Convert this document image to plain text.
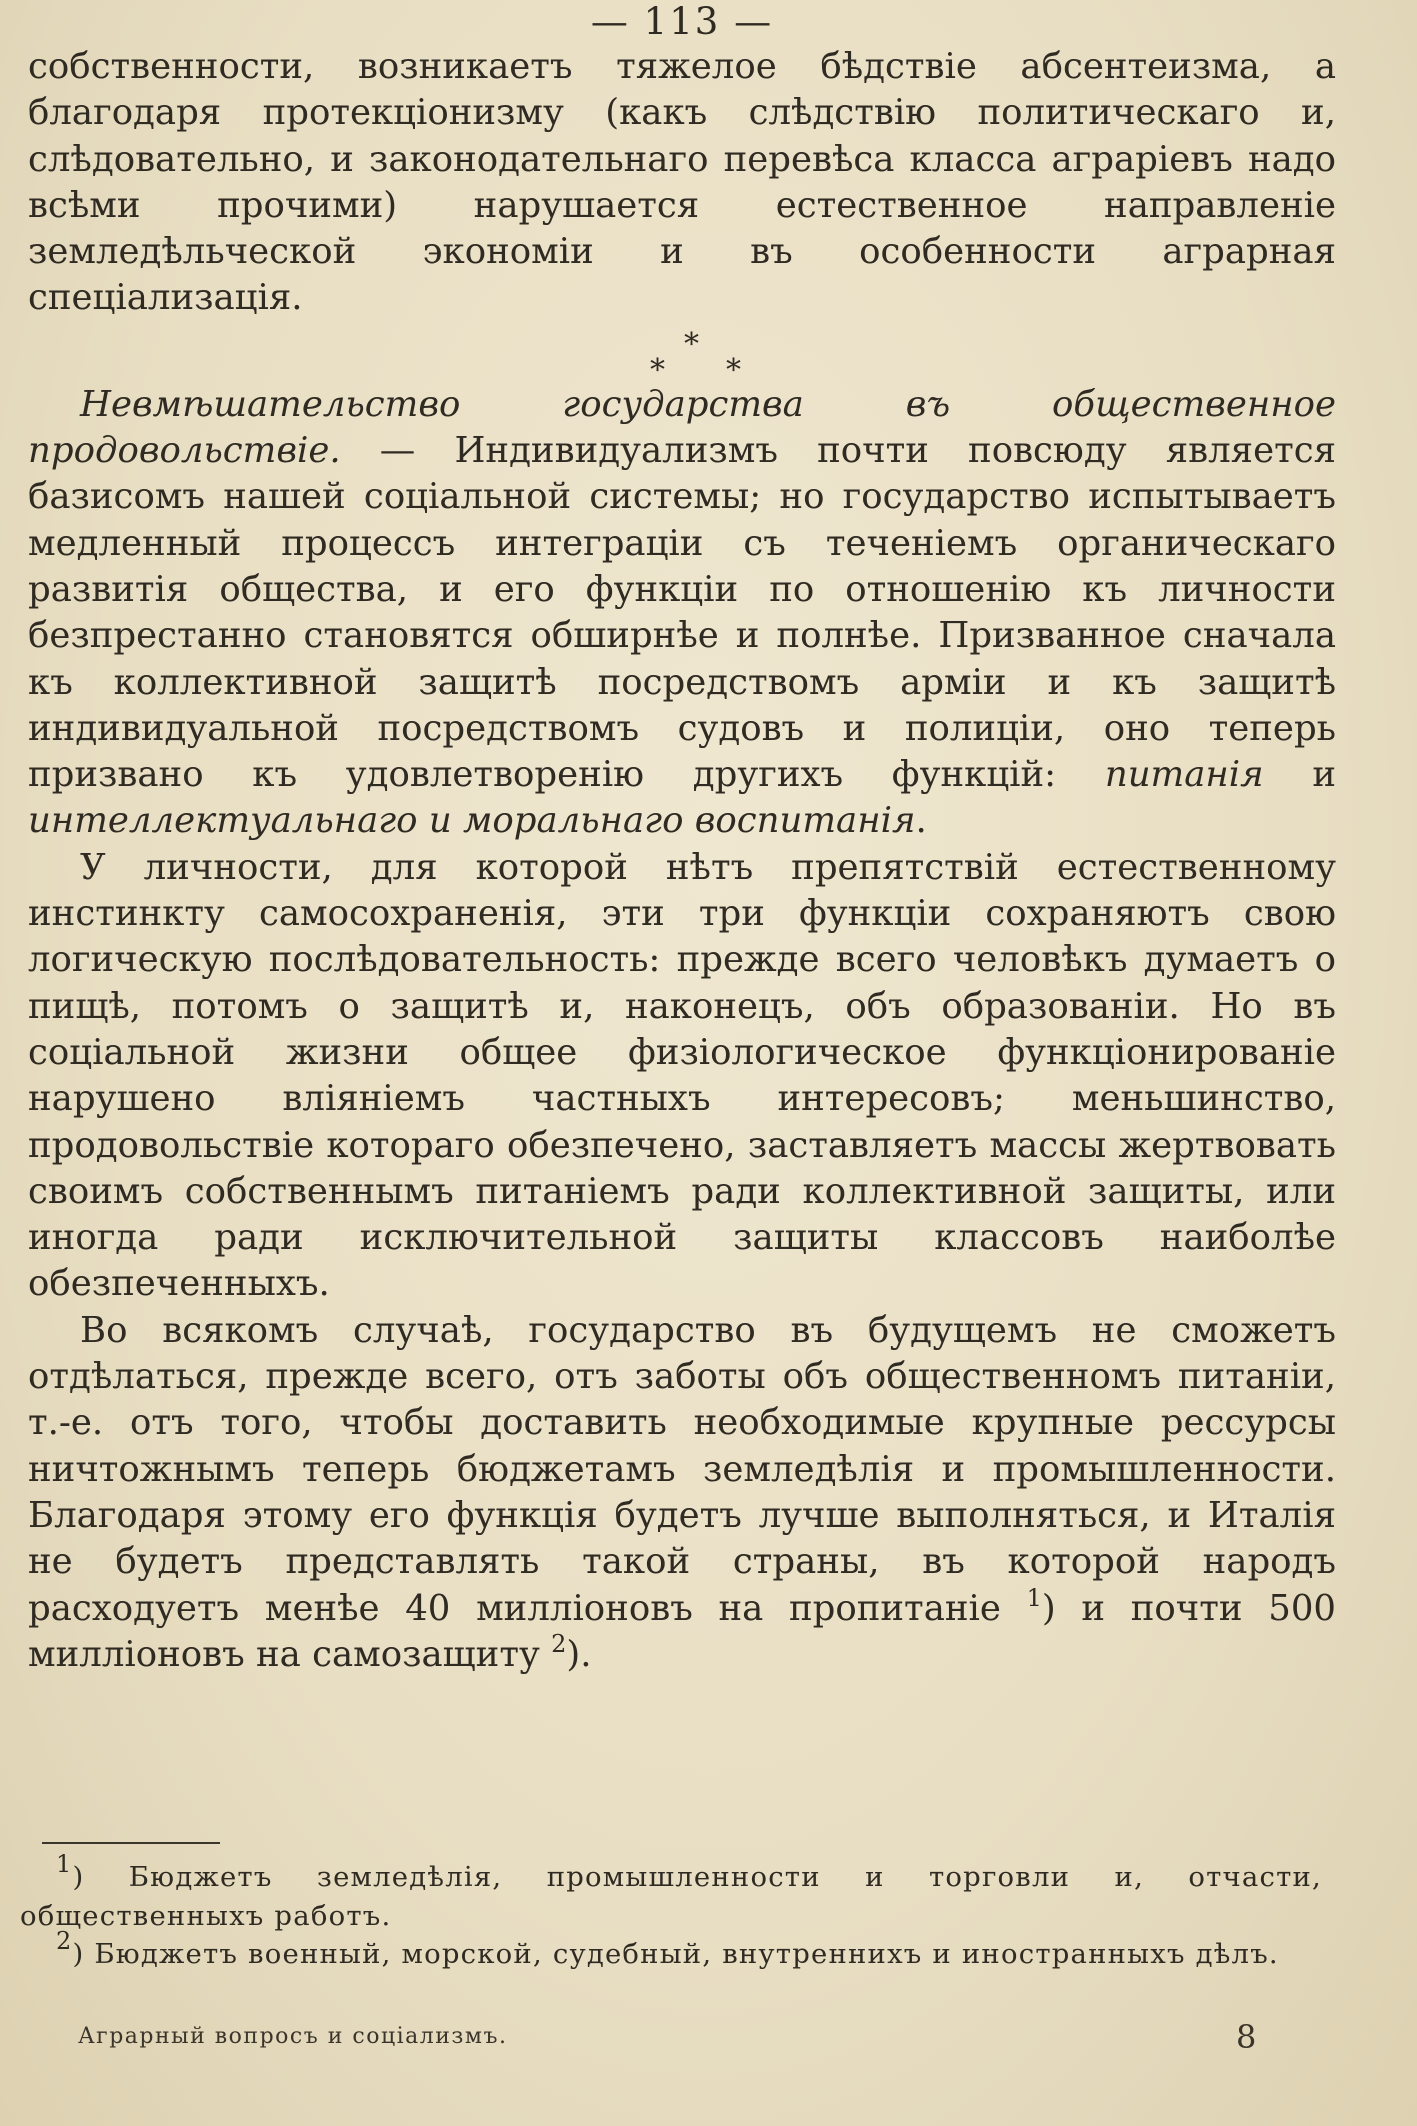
— 113 —

собственности, возникаетъ тяжелое бѣдствіе абсентеизма, а благодаря протекціонизму (какъ слѣдствію политическаго и, слѣдовательно, и законодательнаго перевѣса класса аграріевъ надо всѣми прочими) нарушается естественное направленіе земледѣльческой экономіи и въ особенности аграрная спеціализація.

*
* *

Невмѣшательство государства въ общественное продовольствіе. — Индивидуализмъ почти повсюду является базисомъ нашей соціальной системы; но государство испытываетъ медленный процессъ интеграціи съ теченіемъ органическаго развитія общества, и его функціи по отношенію къ личности безпрестанно становятся обширнѣе и полнѣе. Призванное сначала къ коллективной защитѣ посредствомъ арміи и къ защитѣ индивидуальной посредствомъ судовъ и полиціи, оно теперь призвано къ удовлетворенію другихъ функцій: питанія и интеллектуальнаго и моральнаго воспитанія.

У личности, для которой нѣтъ препятствій естественному инстинкту самосохраненія, эти три функціи сохраняютъ свою логическую послѣдовательность: прежде всего человѣкъ думаетъ о пищѣ, потомъ о защитѣ и, наконецъ, объ образованіи. Но въ соціальной жизни общее физіологическое функціонированіе нарушено вліяніемъ частныхъ интересовъ; меньшинство, продовольствіе котораго обезпечено, заставляетъ массы жертвовать своимъ собственнымъ питаніемъ ради коллективной защиты, или иногда ради исключительной защиты классовъ наиболѣе обезпеченныхъ.

Во всякомъ случаѣ, государство въ будущемъ не сможетъ отдѣлаться, прежде всего, отъ заботы объ общественномъ питаніи, т.-е. отъ того, чтобы доставить необходимые крупные рессурсы ничтожнымъ теперь бюджетамъ земледѣлія и промышленности. Благодаря этому его функція будетъ лучше выполняться, и Италія не будетъ представлять такой страны, въ которой народъ расходуетъ менѣе 40 милліоновъ на пропитаніе $^1$) и почти 500 милліоновъ на самозащиту $^2$).

$^1$) Бюджетъ земледѣлія, промышленности и торговли и, отчасти, общественныхъ работъ.

$^2$) Бюджетъ военный, морской, судебный, внутреннихъ и иностранныхъ дѣлъ.

Аграрный вопросъ и соціализмъ.	8
